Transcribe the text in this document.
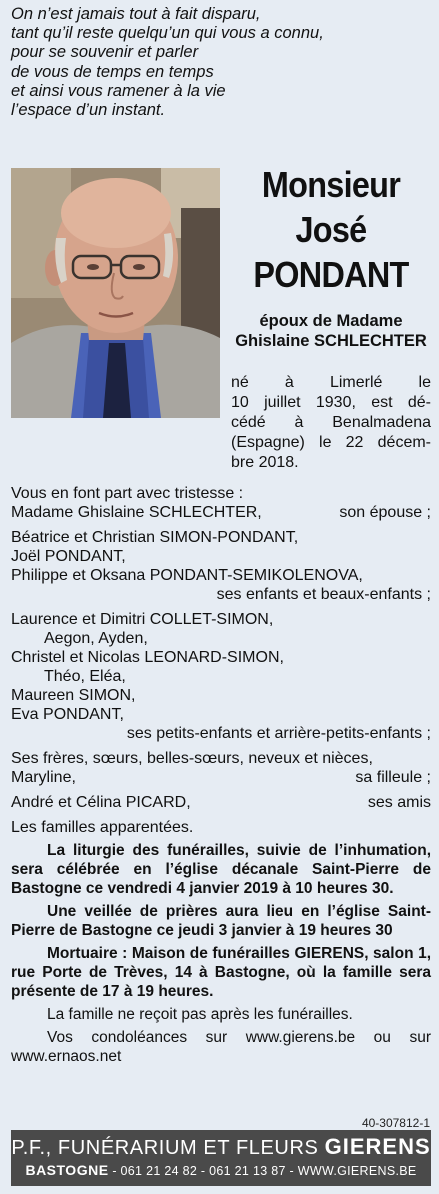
On n’est jamais tout à fait disparu,
tant qu’il reste quelqu’un qui vous a connu,
pour se souvenir et parler
de vous de temps en temps
et ainsi vous ramener à la vie
l’espace d’un instant.
Monsieur
José
PONDANT
époux de Madame
Ghislaine SCHLECHTER
né à Limerlé le
10 juillet 1930, est dé-
cédé à Benalmadena
(Espagne) le 22 décem-
bre 2018.
Vous en font part avec tristesse :
Madame Ghislaine SCHLECHTER,	son épouse ;
Béatrice et Christian SIMON-PONDANT,
Joël PONDANT,
Philippe et Oksana PONDANT-SEMIKOLENOVA,
ses enfants et beaux-enfants ;
Laurence et Dimitri COLLET-SIMON,
Aegon, Ayden,
Christel et Nicolas LEONARD-SIMON,
Théo, Eléa,
Maureen SIMON,
Eva PONDANT,
ses petits-enfants et arrière-petits-enfants ;
Ses frères, sœurs, belles-sœurs, neveux et nièces,
Maryline,	sa filleule ;
André et Célina PICARD,	ses amis
Les familles apparentées.
La liturgie des funérailles, suivie de l’inhumation, sera célébrée en l’église décanale Saint-Pierre de Bastogne ce vendredi 4 janvier 2019 à 10 heures 30.
Une veillée de prières aura lieu en l’église Saint-Pierre de Bastogne ce jeudi 3 janvier à 19 heures 30
Mortuaire : Maison de funérailles GIERENS, salon 1, rue Porte de Trèves, 14 à Bastogne, où la famille sera présente de 17 à 19 heures.
La famille ne reçoit pas après les funérailles.
Vos condoléances sur www.gierens.be ou sur www.ernaos.net
40-307812-1
P.F., FUNÉRARIUM ET FLEURS GIERENS
BASTOGNE - 061 21 24 82 - 061 21 13 87 - WWW.GIERENS.BE
